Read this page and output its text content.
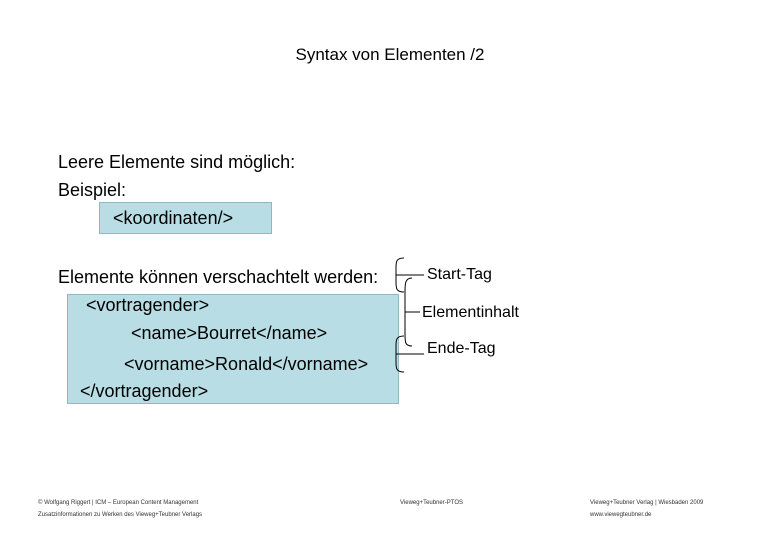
Syntax von Elementen /2
Leere Elemente sind möglich:
Beispiel:
<koordinaten/>
Elemente können verschachtelt werden:
<vortragender>
<name>Bourret</name>
<vorname>Ronald</vorname>
</vortragender>
Start-Tag
Elementinhalt
Ende-Tag
© Wolfgang Riggert | ICM – European Content Management
Zusatzinformationen zu Werken des Vieweg+Teubner Verlags
Vieweg+Teubner-PTOS	Vieweg+Teubner Verlag | Wiesbaden 2009
www.viewegteubner.de
